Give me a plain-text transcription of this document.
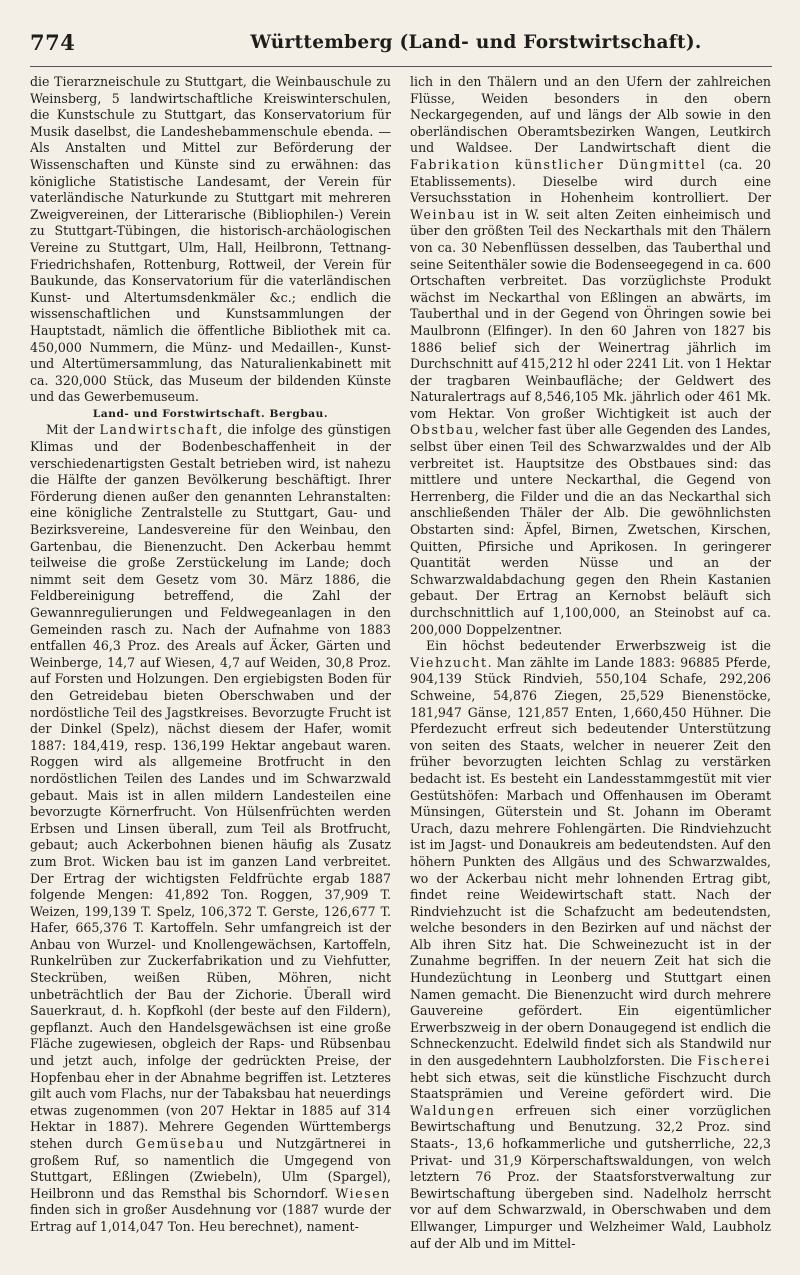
774	Württemberg (Land- und Forstwirtschaft).

die Tierarzneischule zu Stuttgart, die Weinbauschule zu Weinsberg, 5 landwirtschaftliche Kreiswinterschulen, die Kunstschule zu Stuttgart, das Konservatorium für Musik daselbst, die Landeshebammenschule ebenda. — Als Anstalten und Mittel zur Beförderung der Wissenschaften und Künste sind zu erwähnen: das königliche Statistische Landesamt, der Verein für vaterländische Naturkunde zu Stuttgart mit mehreren Zweigvereinen, der Litterarische (Bibliophilen-) Verein zu Stuttgart-Tübingen, die historisch-archäologischen Vereine zu Stuttgart, Ulm, Hall, Heilbronn, Tettnang-Friedrichshafen, Rottenburg, Rottweil, der Verein für Baukunde, das Konservatorium für die vaterländischen Kunst- und Altertumsdenkmäler &c.; endlich die wissenschaftlichen und Kunstsammlungen der Hauptstadt, nämlich die öffentliche Bibliothek mit ca. 450,000 Nummern, die Münz- und Medaillen-, Kunst- und Altertümersammlung, das Naturalienkabinett mit ca. 320,000 Stück, das Museum der bildenden Künste und das Gewerbemuseum.

Land- und Forstwirtschaft. Bergbau.

Mit der Landwirtschaft, die infolge des günstigen Klimas und der Bodenbeschaffenheit in der verschiedenartigsten Gestalt betrieben wird, ist nahezu die Hälfte der ganzen Bevölkerung beschäftigt. Ihrer Förderung dienen außer den genannten Lehranstalten: eine königliche Zentralstelle zu Stuttgart, Gau- und Bezirksvereine, Landesvereine für den Weinbau, den Gartenbau, die Bienenzucht. Den Ackerbau hemmt teilweise die große Zerstückelung im Lande; doch nimmt seit dem Gesetz vom 30. März 1886, die Feldbereinigung betreffend, die Zahl der Gewannregulierungen und Feldwegeanlagen in den Gemeinden rasch zu. Nach der Aufnahme von 1883 entfallen 46,3 Proz. des Areals auf Äcker, Gärten und Weinberge, 14,7 auf Wiesen, 4,7 auf Weiden, 30,8 Proz. auf Forsten und Holzungen. Den ergiebigsten Boden für den Getreidebau bieten Oberschwaben und der nordöstliche Teil des Jagstkreises. Bevorzugte Frucht ist der Dinkel (Spelz), nächst diesem der Hafer, womit 1887: 184,419, resp. 136,199 Hektar angebaut waren. Roggen wird als allgemeine Brotfrucht in den nordöstlichen Teilen des Landes und im Schwarzwald gebaut. Mais ist in allen mildern Landesteilen eine bevorzugte Körnerfrucht. Von Hülsenfrüchten werden Erbsen und Linsen überall, zum Teil als Brotfrucht, gebaut; auch Ackerbohnen bienen häufig als Zusatz zum Brot. Wicken bau ist im ganzen Land verbreitet. Der Ertrag der wichtigsten Feldfrüchte ergab 1887 folgende Mengen: 41,892 Ton. Roggen, 37,909 T. Weizen, 199,139 T. Spelz, 106,372 T. Gerste, 126,677 T. Hafer, 665,376 T. Kartoffeln. Sehr umfangreich ist der Anbau von Wurzel- und Knollengewächsen, Kartoffeln, Runkelrüben zur Zuckerfabrikation und zu Viehfutter, Steckrüben, weißen Rüben, Möhren, nicht unbeträchtlich der Bau der Zichorie. Überall wird Sauerkraut, d. h. Kopfkohl (der beste auf den Fildern), gepflanzt. Auch den Handelsgewächsen ist eine große Fläche zugewiesen, obgleich der Raps- und Rübsenbau und jetzt auch, infolge der gedrückten Preise, der Hopfenbau eher in der Abnahme begriffen ist. Letzteres gilt auch vom Flachs, nur der Tabaksbau hat neuerdings etwas zugenommen (von 207 Hektar in 1885 auf 314 Hektar in 1887). Mehrere Gegenden Württembergs stehen durch Gemüsebau und Nutzgärtnerei in großem Ruf, so namentlich die Umgegend von Stuttgart, Eßlingen (Zwiebeln), Ulm (Spargel), Heilbronn und das Remsthal bis Schorndorf. Wiesen finden sich in großer Ausdehnung vor (1887 wurde der Ertrag auf 1,014,047 Ton. Heu berechnet), nament-

lich in den Thälern und an den Ufern der zahlreichen Flüsse, Weiden besonders in den obern Neckargegenden, auf und längs der Alb sowie in den oberländischen Oberamtsbezirken Wangen, Leutkirch und Waldsee. Der Landwirtschaft dient die Fabrikation künstlicher Düngmittel (ca. 20 Etablissements). Dieselbe wird durch eine Versuchsstation in Hohenheim kontrolliert. Der Weinbau ist in W. seit alten Zeiten einheimisch und über den größten Teil des Neckarthals mit den Thälern von ca. 30 Nebenflüssen desselben, das Tauberthal und seine Seitenthäler sowie die Bodenseegegend in ca. 600 Ortschaften verbreitet. Das vorzüglichste Produkt wächst im Neckarthal von Eßlingen an abwärts, im Tauberthal und in der Gegend von Öhringen sowie bei Maulbronn (Elfinger). In den 60 Jahren von 1827 bis 1886 belief sich der Weinertrag jährlich im Durchschnitt auf 415,212 hl oder 2241 Lit. von 1 Hektar der tragbaren Weinbaufläche; der Geldwert des Naturalertrags auf 8,546,105 Mk. jährlich oder 461 Mk. vom Hektar. Von großer Wichtigkeit ist auch der Obstbau, welcher fast über alle Gegenden des Landes, selbst über einen Teil des Schwarzwaldes und der Alb verbreitet ist. Hauptsitze des Obstbaues sind: das mittlere und untere Neckarthal, die Gegend von Herrenberg, die Filder und die an das Neckarthal sich anschließenden Thäler der Alb. Die gewöhnlichsten Obstarten sind: Äpfel, Birnen, Zwetschen, Kirschen, Quitten, Pfirsiche und Aprikosen. In geringerer Quantität werden Nüsse und an der Schwarzwaldabdachung gegen den Rhein Kastanien gebaut. Der Ertrag an Kernobst beläuft sich durchschnittlich auf 1,100,000, an Steinobst auf ca. 200,000 Doppelzentner.

Ein höchst bedeutender Erwerbszweig ist die Viehzucht. Man zählte im Lande 1883: 96885 Pferde, 904,139 Stück Rindvieh, 550,104 Schafe, 292,206 Schweine, 54,876 Ziegen, 25,529 Bienenstöcke, 181,947 Gänse, 121,857 Enten, 1,660,450 Hühner. Die Pferdezucht erfreut sich bedeutender Unterstützung von seiten des Staats, welcher in neuerer Zeit den früher bevorzugten leichten Schlag zu verstärken bedacht ist. Es besteht ein Landesstammgestüt mit vier Gestütshöfen: Marbach und Offenhausen im Oberamt Münsingen, Güterstein und St. Johann im Oberamt Urach, dazu mehrere Fohlengärten. Die Rindviehzucht ist im Jagst- und Donaukreis am bedeutendsten. Auf den höhern Punkten des Allgäus und des Schwarzwaldes, wo der Ackerbau nicht mehr lohnenden Ertrag gibt, findet reine Weidewirtschaft statt. Nach der Rindviehzucht ist die Schafzucht am bedeutendsten, welche besonders in den Bezirken auf und nächst der Alb ihren Sitz hat. Die Schweinezucht ist in der Zunahme begriffen. In der neuern Zeit hat sich die Hundezüchtung in Leonberg und Stuttgart einen Namen gemacht. Die Bienenzucht wird durch mehrere Gauvereine gefördert. Ein eigentümlicher Erwerbszweig in der obern Donaugegend ist endlich die Schneckenzucht. Edelwild findet sich als Standwild nur in den ausgedehntern Laubholzforsten. Die Fischerei hebt sich etwas, seit die künstliche Fischzucht durch Staatsprämien und Vereine gefördert wird. Die Waldungen erfreuen sich einer vorzüglichen Bewirtschaftung und Benutzung. 32,2 Proz. sind Staats-, 13,6 hofkammerliche und gutsherrliche, 22,3 Privat- und 31,9 Körperschaftswaldungen, von welch letztern 76 Proz. der Staatsforstverwaltung zur Bewirtschaftung übergeben sind. Nadelholz herrscht vor auf dem Schwarzwald, in Oberschwaben und dem Ellwanger, Limpurger und Welzheimer Wald, Laubholz auf der Alb und im Mittel-
